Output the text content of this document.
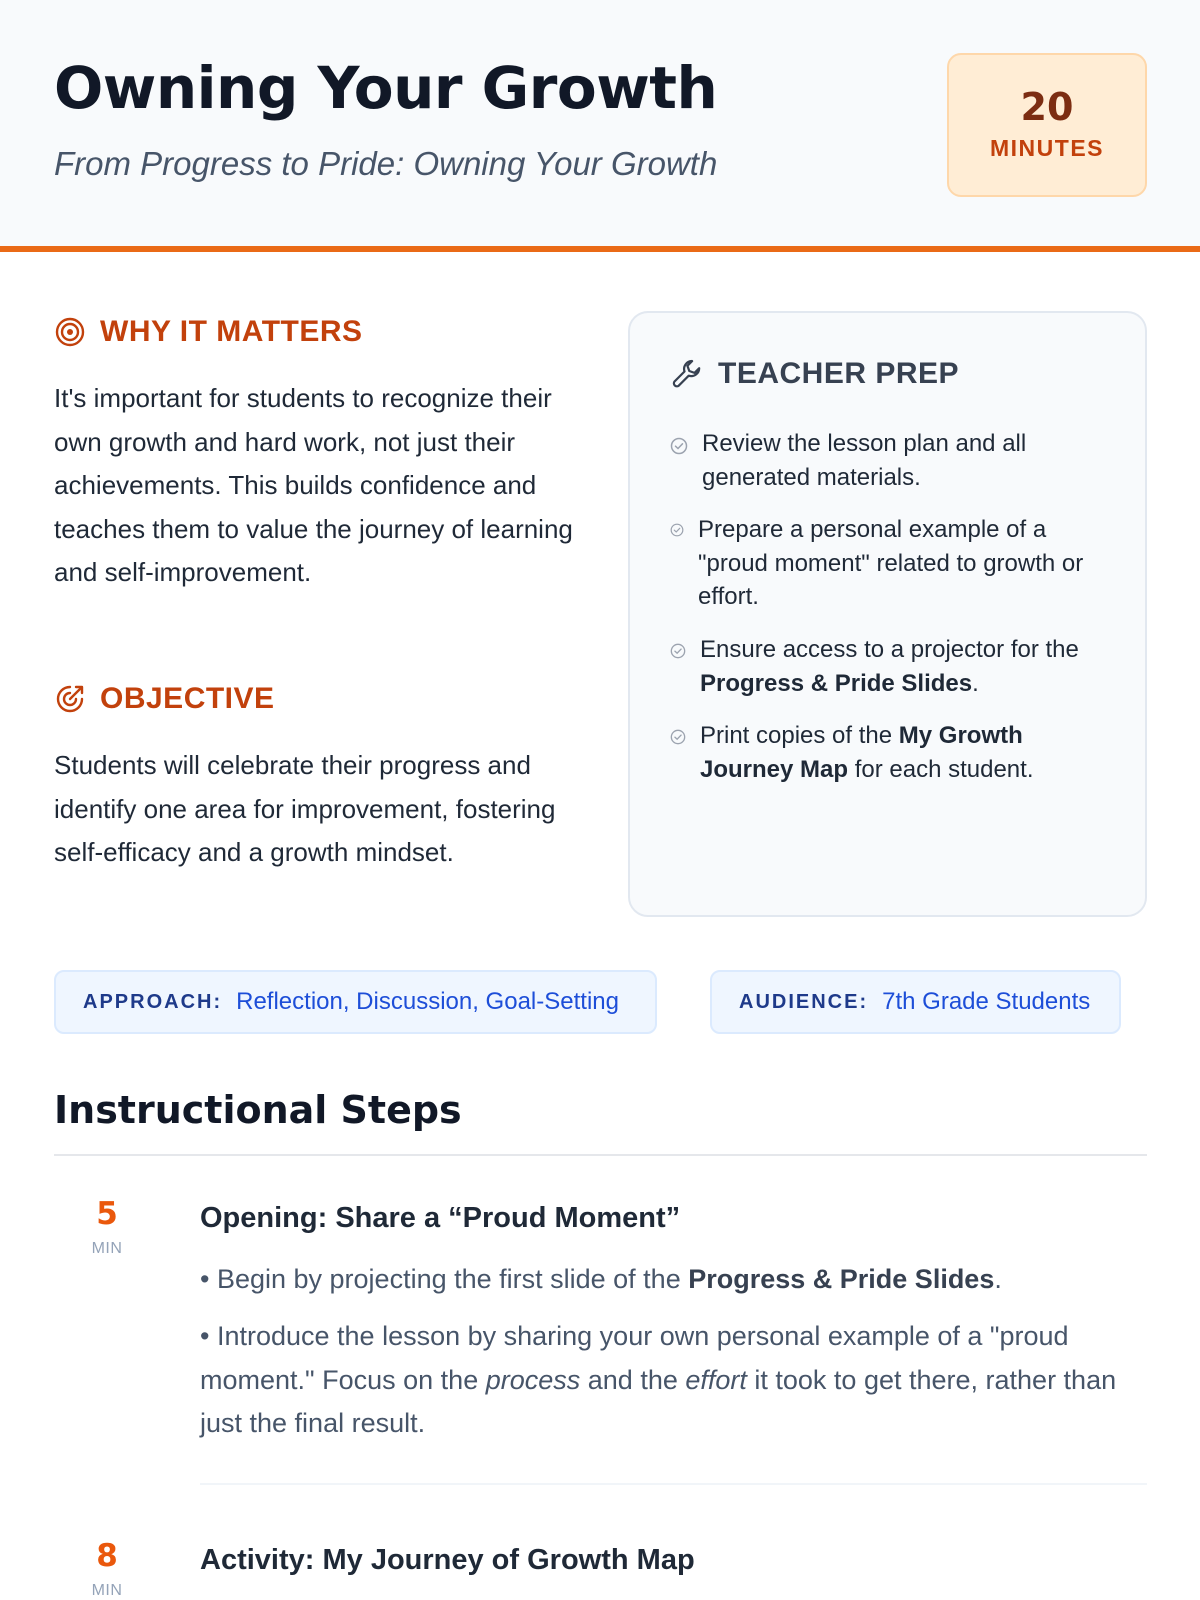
Owning Your Growth
From Progress to Pride: Owning Your Growth
20
MINUTES
WHY IT MATTERS

It's important for students to recognize their own growth and hard work, not just their achievements. This builds confidence and teaches them to value the journey of learning and self-improvement.

OBJECTIVE

Students will celebrate their progress and identify one area for improvement, fostering self-efficacy and a growth mindset.

TEACHER PREP
Review the lesson plan and all generated materials.
Prepare a personal example of a "proud moment" related to growth or effort.
Ensure access to a projector for the Progress & Pride Slides.
Print copies of the My Growth Journey Map for each student.
APPROACH: Reflection, Discussion, Goal-Setting	AUDIENCE: 7th Grade Students
Instructional Steps
5
MIN
Opening: Share a “Proud Moment”

• Begin by projecting the first slide of the Progress & Pride Slides.

• Introduce the lesson by sharing your own personal example of a "proud moment." Focus on the process and the effort it took to get there, rather than just the final result.

8
MIN
Activity: My Journey of Growth Map
